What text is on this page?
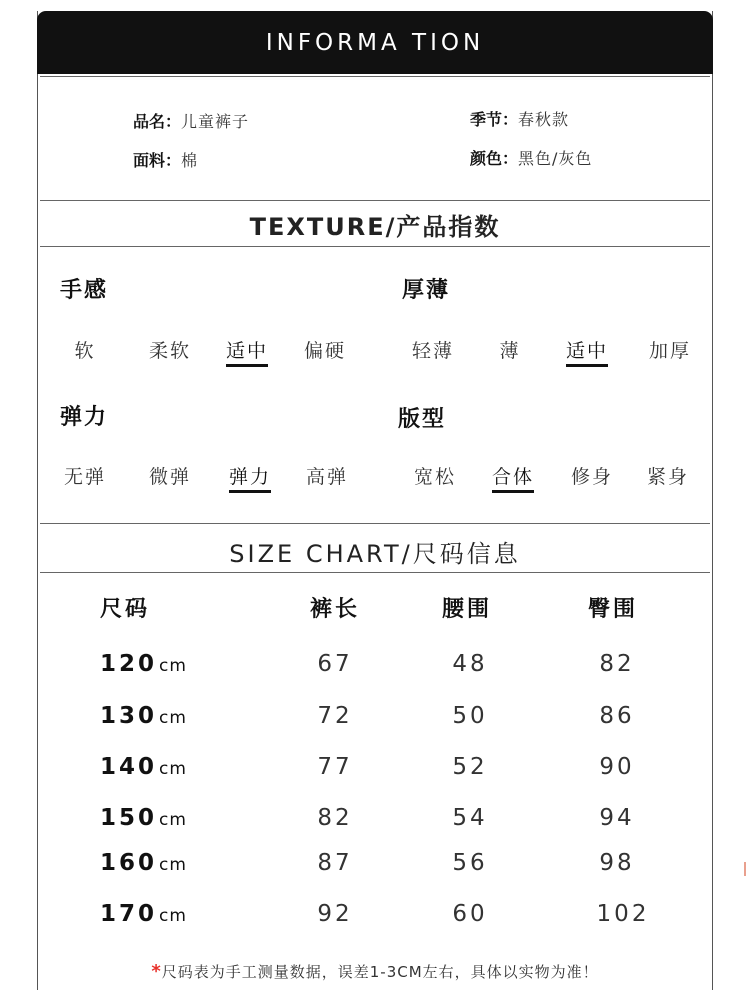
INFORMA TION
品名：儿童裤子	季节：春秋款
面料：棉	颜色：黑色/灰色
TEXTURE/产品指数
手感	厚薄
弹力	版型
软	柔软	适中	偏硬	轻薄	薄	适中	加厚
无弹	微弹	弹力	高弹	宽松	合体	修身	紧身
SIZE CHART/尺码信息
尺码	裤长	腰围	臀围
120 cm	67	48	82
130 cm	72	50	86
140 cm	77	52	90
150 cm	82	54	94
160 cm	87	56	98
170 cm	92	60	102
*尺码表为手工测量数据，误差1-3CM左右，具体以实物为准！
